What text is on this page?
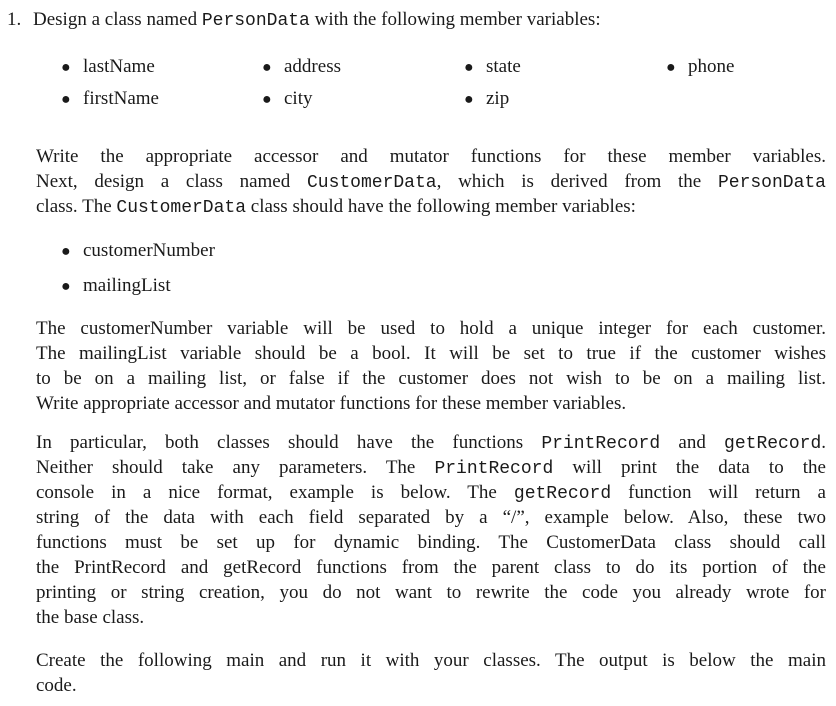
1. Design a class named PersonData with the following member variables:
● lastName
● firstName
● address
● city
● state
● zip
● phone
Write the appropriate accessor and mutator functions for these member variables.
Next, design a class named CustomerData, which is derived from the PersonData
class. The CustomerData class should have the following member variables:
● customerNumber
● mailingList
The customerNumber variable will be used to hold a unique integer for each customer.
The mailingList variable should be a bool. It will be set to true if the customer wishes
to be on a mailing list, or false if the customer does not wish to be on a mailing list.
Write appropriate accessor and mutator functions for these member variables.
In particular, both classes should have the functions PrintRecord and getRecord.
Neither should take any parameters. The PrintRecord will print the data to the
console in a nice format, example is below. The getRecord function will return a
string of the data with each field separated by a “/”, example below. Also, these two
functions must be set up for dynamic binding. The CustomerData class should call
the PrintRecord and getRecord functions from the parent class to do its portion of the
printing or string creation, you do not want to rewrite the code you already wrote for
the base class.
Create the following main and run it with your classes. The output is below the main
code.
